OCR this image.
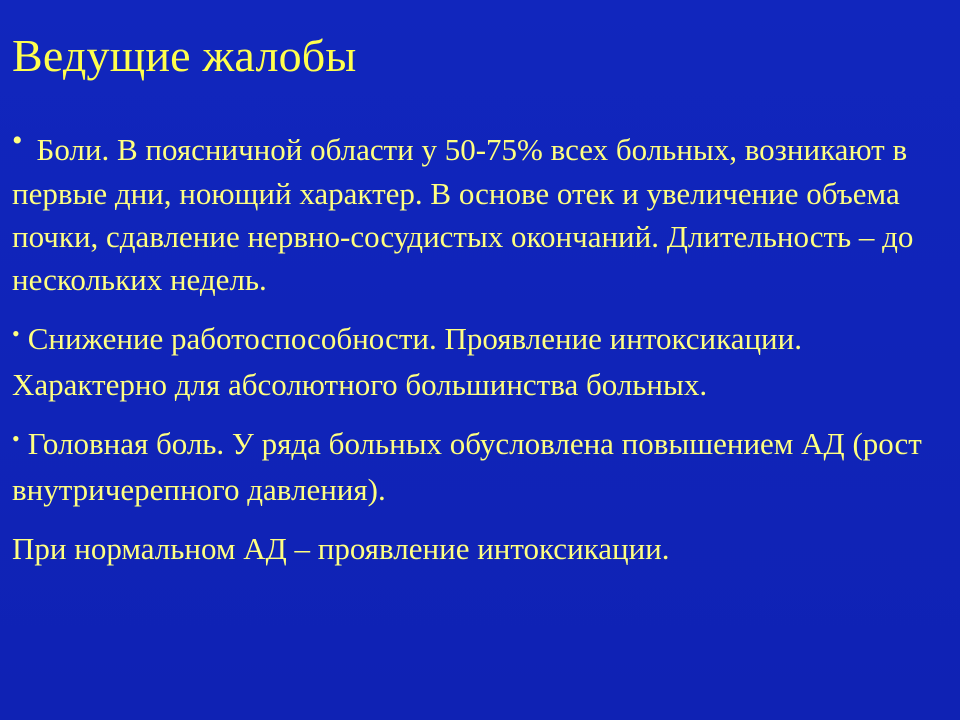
Ведущие жалобы

• Боли. В поясничной области у 50-75% всех больных, возникают в первые дни, ноющий характер. В основе отек и увеличение объема почки, сдавление нервно-сосудистых окончаний. Длительность – до нескольких недель.

• Снижение работоспособности. Проявление интоксикации. Характерно для абсолютного большинства больных.

• Головная боль. У ряда больных обусловлена повышением АД (рост внутричерепного давления).

При нормальном АД – проявление интоксикации.
